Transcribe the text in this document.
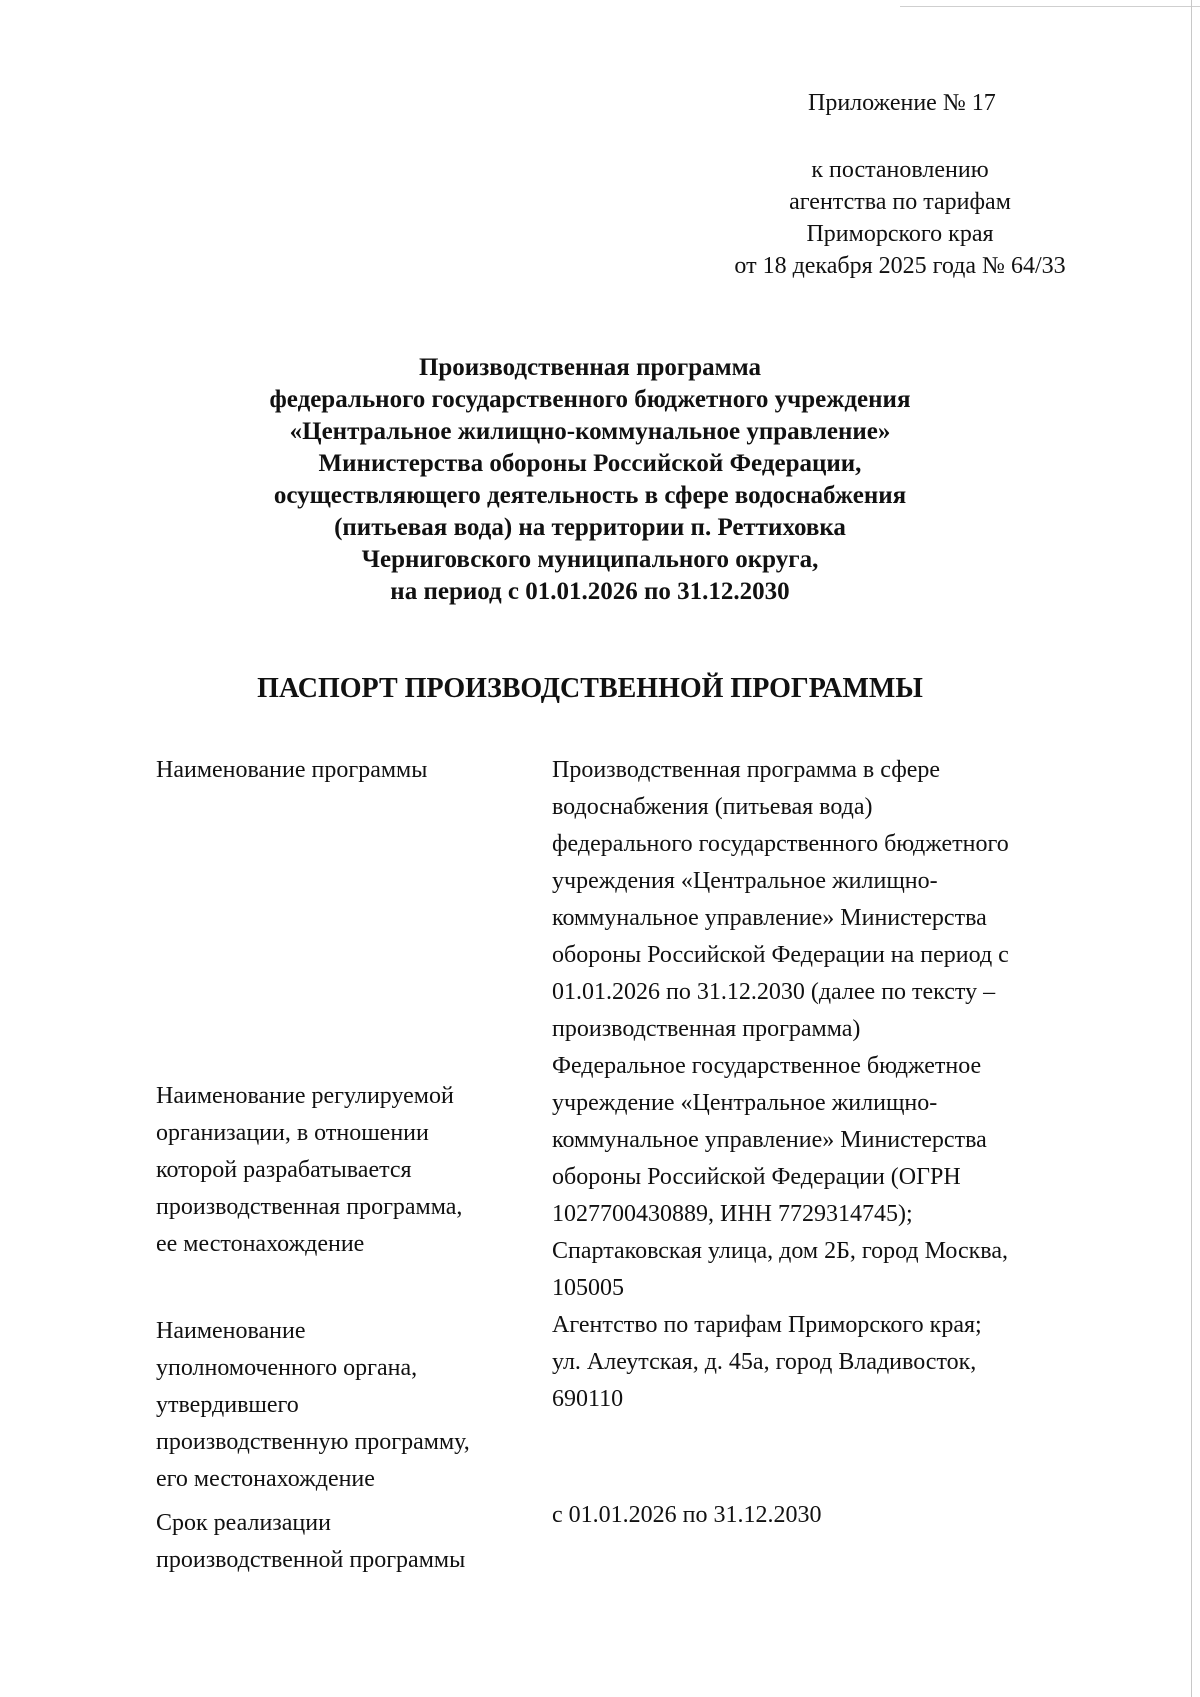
Приложение № 17
к постановлению
агентства по тарифам
Приморского края
от 18 декабря 2025 года № 64/33
Производственная программа
федерального государственного бюджетного учреждения
«Центральное жилищно-коммунальное управление»
Министерства обороны Российской Федерации,
осуществляющего деятельность в сфере водоснабжения
(питьевая вода) на территории п. Реттиховка
Черниговского муниципального округа,
на период с 01.01.2026 по 31.12.2030
ПАСПОРТ ПРОИЗВОДСТВЕННОЙ ПРОГРАММЫ
Наименование программы	Производственная программа в сфере
водоснабжения (питьевая вода)
федерального государственного бюджетного
учреждения «Центральное жилищно-
коммунальное управление» Министерства
обороны Российской Федерации на период с
01.01.2026 по 31.12.2030 (далее по тексту –
производственная программа)
Наименование регулируемой
организации, в отношении
которой разрабатывается
производственная программа,
ее местонахождение
Федеральное государственное бюджетное
учреждение «Центральное жилищно-
коммунальное управление» Министерства
обороны Российской Федерации (ОГРН
1027700430889, ИНН 7729314745);
Спартаковская улица, дом 2Б, город Москва,
105005
Наименование
уполномоченного органа,
утвердившего
производственную программу,
его местонахождение
Агентство по тарифам Приморского края;
ул. Алеутская, д. 45а, город Владивосток,
690110
Срок реализации
производственной программы
с 01.01.2026 по 31.12.2030
